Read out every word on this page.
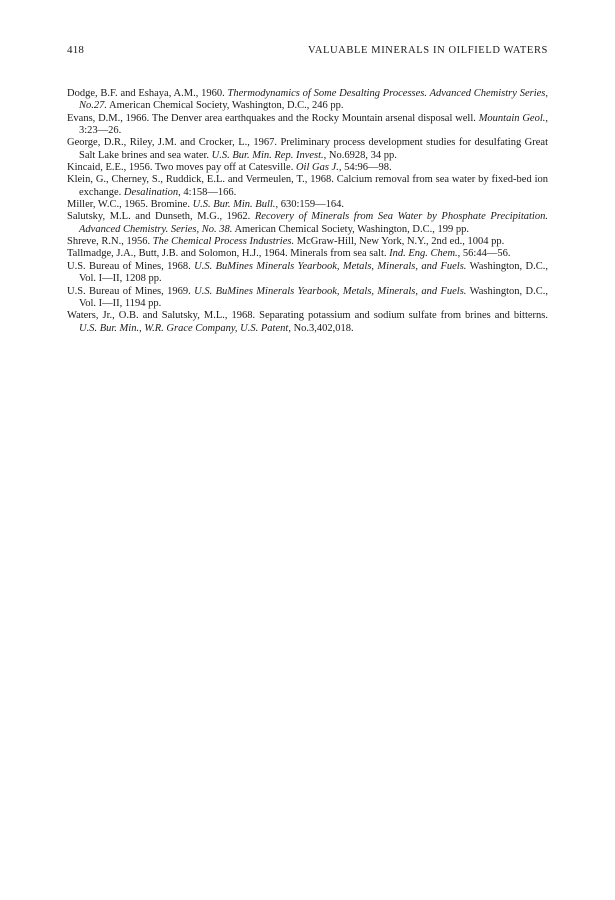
418	VALUABLE MINERALS IN OILFIELD WATERS

Dodge, B.F. and Eshaya, A.M., 1960. Thermodynamics of Some Desalting Processes. Advanced Chemistry Series, No.27. American Chemical Society, Washington, D.C., 246 pp.

Evans, D.M., 1966. The Denver area earthquakes and the Rocky Mountain arsenal disposal well. Mountain Geol., 3:23—26.

George, D.R., Riley, J.M. and Crocker, L., 1967. Preliminary process development studies for desulfating Great Salt Lake brines and sea water. U.S. Bur. Min. Rep. Invest., No.6928, 34 pp.

Kincaid, E.E., 1956. Two moves pay off at Catesville. Oil Gas J., 54:96—98.

Klein, G., Cherney, S., Ruddick, E.L. and Vermeulen, T., 1968. Calcium removal from sea water by fixed-bed ion exchange. Desalination, 4:158—166.

Miller, W.C., 1965. Bromine. U.S. Bur. Min. Bull., 630:159—164.

Salutsky, M.L. and Dunseth, M.G., 1962. Recovery of Minerals from Sea Water by Phosphate Precipitation. Advanced Chemistry. Series, No. 38. American Chemical Society, Washington, D.C., 199 pp.

Shreve, R.N., 1956. The Chemical Process Industries. McGraw-Hill, New York, N.Y., 2nd ed., 1004 pp.

Tallmadge, J.A., Butt, J.B. and Solomon, H.J., 1964. Minerals from sea salt. Ind. Eng. Chem., 56:44—56.

U.S. Bureau of Mines, 1968. U.S. BuMines Minerals Yearbook, Metals, Minerals, and Fuels. Washington, D.C., Vol. I—II, 1208 pp.

U.S. Bureau of Mines, 1969. U.S. BuMines Minerals Yearbook, Metals, Minerals, and Fuels. Washington, D.C., Vol. I—II, 1194 pp.

Waters, Jr., O.B. and Salutsky, M.L., 1968. Separating potassium and sodium sulfate from brines and bitterns. U.S. Bur. Min., W.R. Grace Company, U.S. Patent, No.3,402,018.
